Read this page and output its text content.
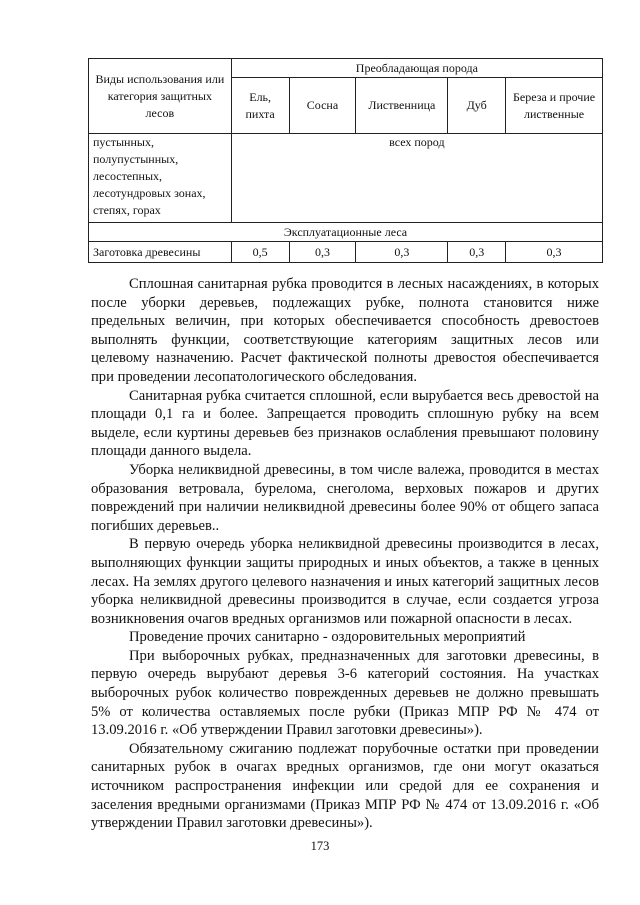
Виды использования или категория защитных лесов	Преобладающая порода				
	Ель, пихта	Сосна	Лиственница	Дуб	Береза и прочие лиственные
пустынных, полупустынных, лесостепных, лесотундровых зонах, степях, горах	всех пород				
Эксплуатационные леса					
Заготовка древесины	0,5	0,3	0,3	0,3	0,3

Сплошная санитарная рубка проводится в лесных насаждениях, в которых после уборки деревьев, подлежащих рубке, полнота становится ниже предельных величин, при которых обеспечивается способность древостоев выполнять функции, соответствующие категориям защитных лесов или целевому назначению. Расчет фактической полноты древостоя обеспечивается при проведении лесопатологического обследования.

Санитарная рубка считается сплошной, если вырубается весь древостой на площади 0,1 га и более. Запрещается проводить сплошную рубку на всем выделе, если куртины деревьев без признаков ослабления превышают половину площади данного выдела.

Уборка неликвидной древесины, в том числе валежа, проводится в местах образования ветровала, бурелома, снеголома, верховых пожаров и других повреждений при наличии неликвидной древесины более 90% от общего запаса погибших деревьев..

В первую очередь уборка неликвидной древесины производится в лесах, выполняющих функции защиты природных и иных объектов, а также в ценных лесах. На землях другого целевого назначения и иных категорий защитных лесов уборка неликвидной древесины производится в случае, если создается угроза возникновения очагов вредных организмов или пожарной опасности в лесах.

Проведение прочих санитарно - оздоровительных мероприятий

При выборочных рубках, предназначенных для заготовки древесины, в первую очередь вырубают деревья 3-6 категорий состояния. На участках выборочных рубок количество поврежденных деревьев не должно превышать 5% от количества оставляемых после рубки (Приказ МПР РФ № 474 от 13.09.2016 г. «Об утверждении Правил заготовки древесины»).

Обязательному сжиганию подлежат порубочные остатки при проведении санитарных рубок в очагах вредных организмов, где они могут оказаться источником распространения инфекции или средой для ее сохранения и заселения вредными организмами (Приказ МПР РФ № 474 от 13.09.2016 г. «Об утверждении Правил заготовки древесины»).

173
